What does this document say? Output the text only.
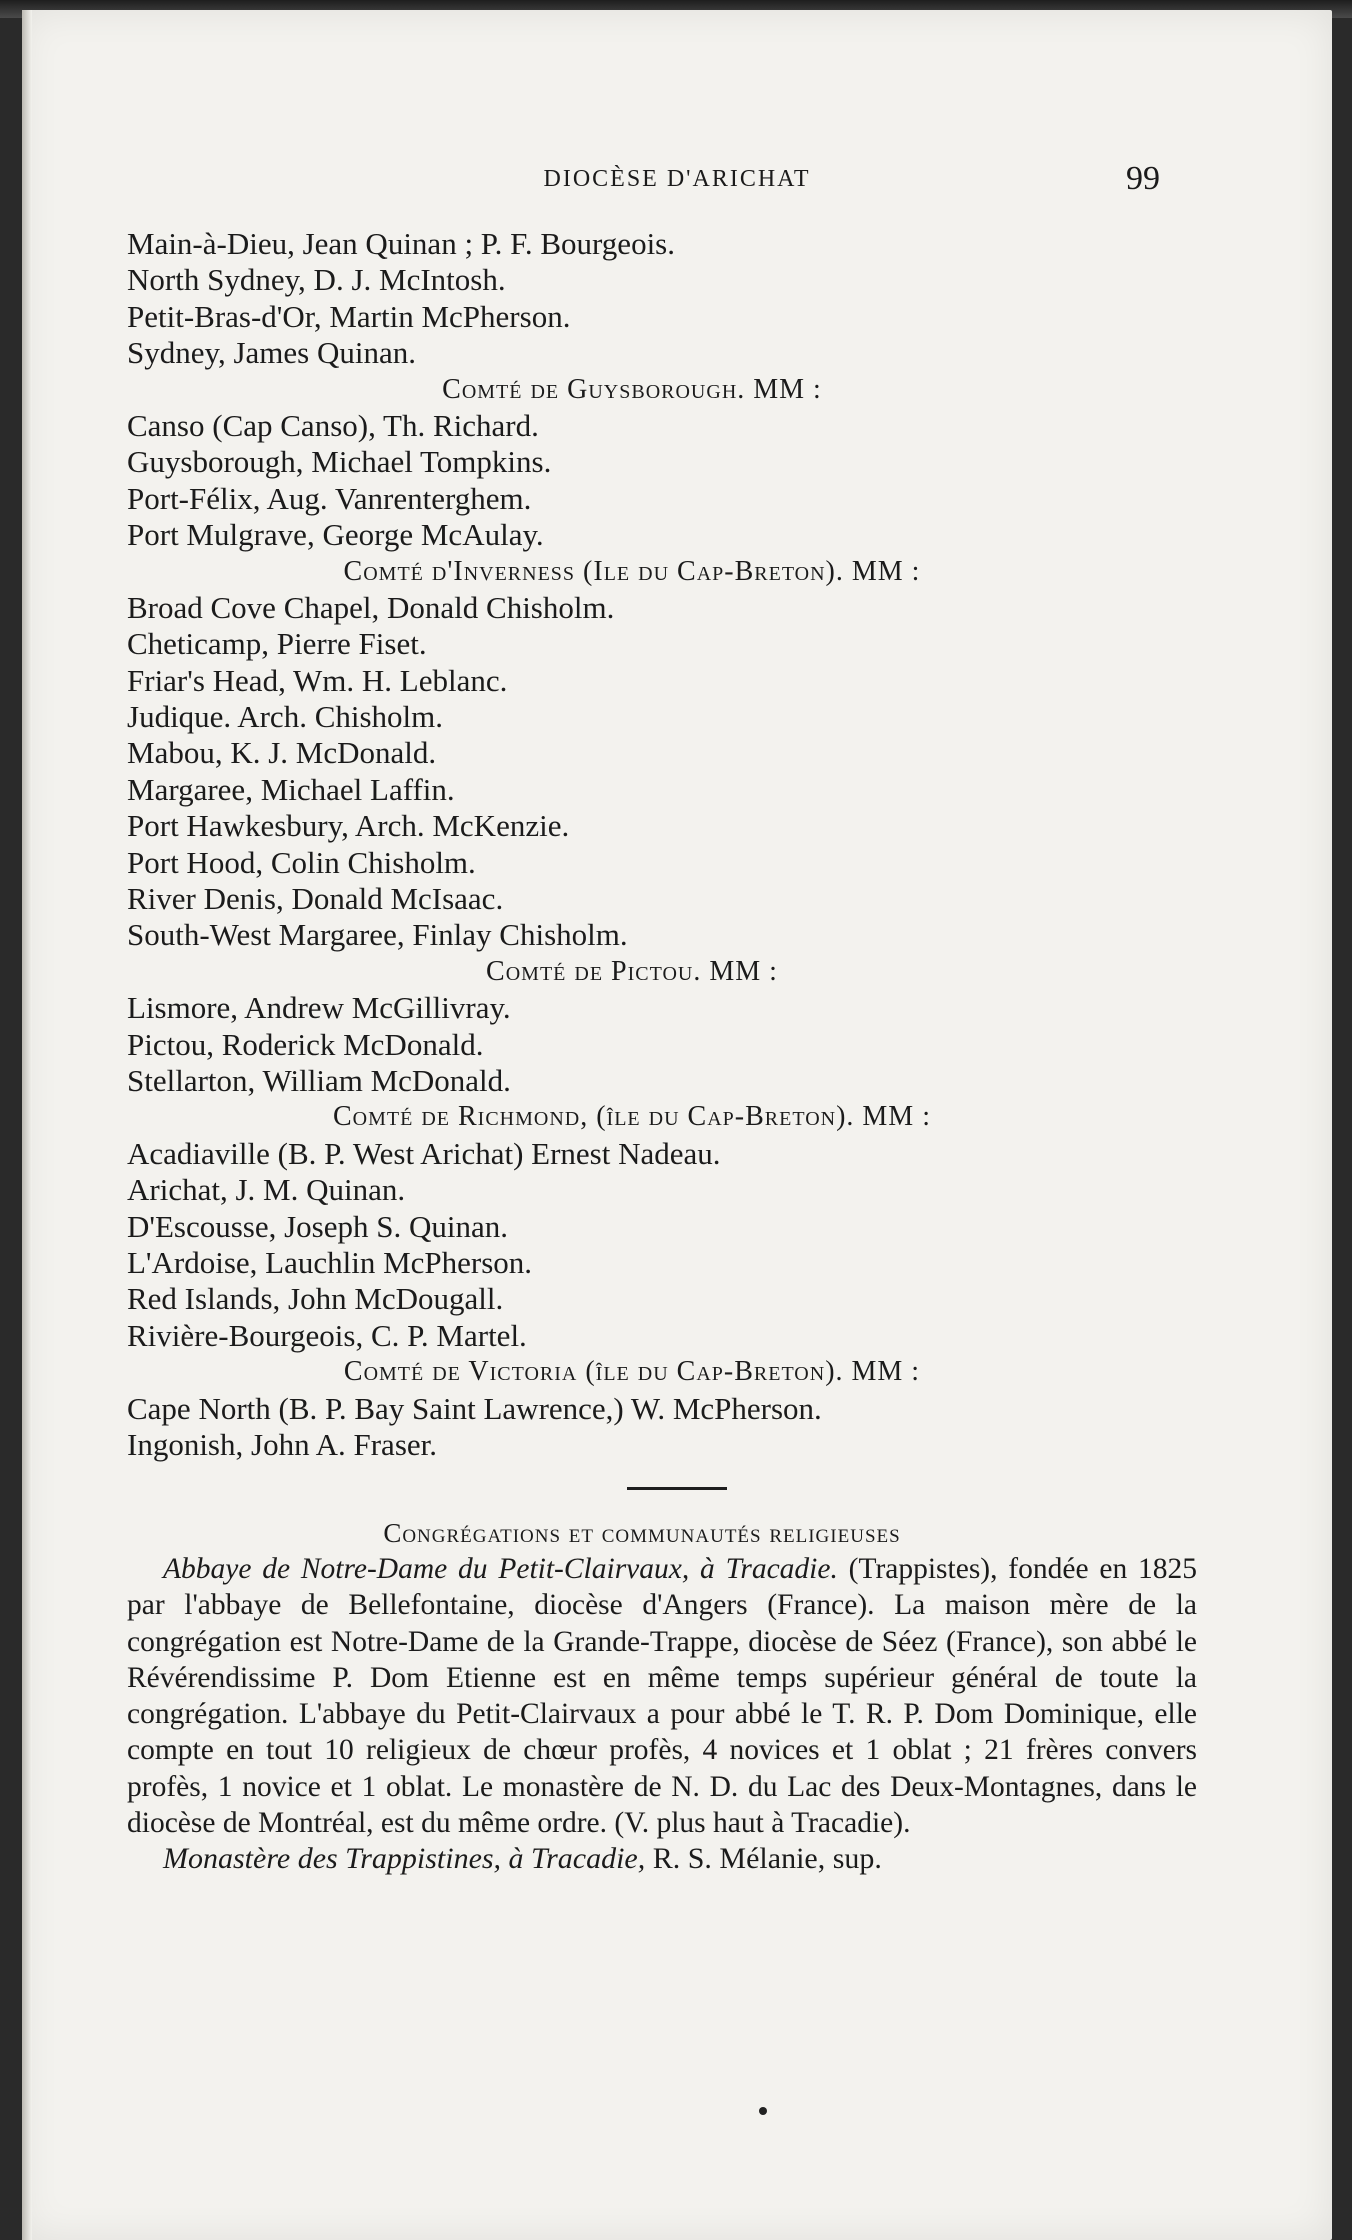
DIOCÈSE D'ARICHAT	99
Main-à-Dieu, Jean Quinan ; P. F. Bourgeois.
North Sydney, D. J. McIntosh.
Petit-Bras-d'Or, Martin McPherson.
Sydney, James Quinan.
Comté de Guysborough. MM :
Canso (Cap Canso), Th. Richard.
Guysborough, Michael Tompkins.
Port-Félix, Aug. Vanrenterghem.
Port Mulgrave, George McAulay.
Comté d'Inverness (Ile du Cap-Breton). MM :
Broad Cove Chapel, Donald Chisholm.
Cheticamp, Pierre Fiset.
Friar's Head, Wm. H. Leblanc.
Judique. Arch. Chisholm.
Mabou, K. J. McDonald.
Margaree, Michael Laffin.
Port Hawkesbury, Arch. McKenzie.
Port Hood, Colin Chisholm.
River Denis, Donald McIsaac.
South-West Margaree, Finlay Chisholm.
Comté de Pictou. MM :
Lismore, Andrew McGillivray.
Pictou, Roderick McDonald.
Stellarton, William McDonald.
Comté de Richmond, (île du Cap-Breton). MM :
Acadiaville (B. P. West Arichat) Ernest Nadeau.
Arichat, J. M. Quinan.
D'Escousse, Joseph S. Quinan.
L'Ardoise, Lauchlin McPherson.
Red Islands, John McDougall.
Rivière-Bourgeois, C. P. Martel.
Comté de Victoria (île du Cap-Breton). MM :
Cape North (B. P. Bay Saint Lawrence,) W. McPherson.
Ingonish, John A. Fraser.
Congrégations et communautés religieuses

Abbaye de Notre-Dame du Petit-Clairvaux, à Tracadie. (Trappistes), fondée en 1825 par l'abbaye de Bellefontaine, diocèse d'Angers (France). La maison mère de la congrégation est Notre-Dame de la Grande-Trappe, diocèse de Séez (France), son abbé le Révérendissime P. Dom Etienne est en même temps supérieur général de toute la congrégation. L'abbaye du Petit-Clairvaux a pour abbé le T. R. P. Dom Dominique, elle compte en tout 10 religieux de chœur profès, 4 novices et 1 oblat ; 21 frères convers profès, 1 novice et 1 oblat. Le monastère de N. D. du Lac des Deux-Montagnes, dans le diocèse de Montréal, est du même ordre. (V. plus haut à Tracadie).

Monastère des Trappistines, à Tracadie, R. S. Mélanie, sup.
